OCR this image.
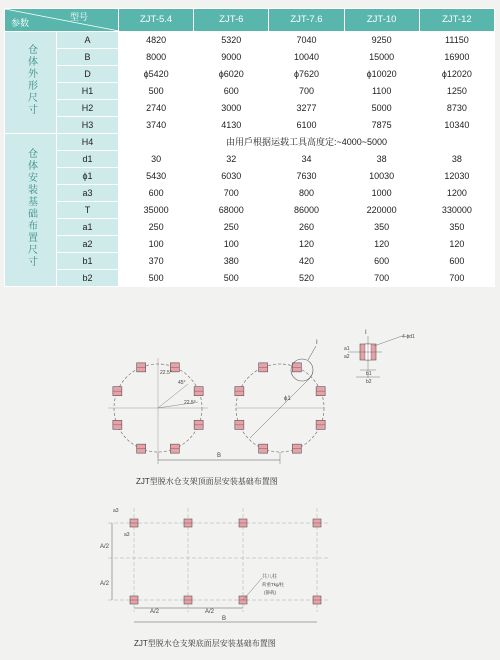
型号
参数		ZJT-5.4	ZJT-6	ZJT-7.6	ZJT-10	ZJT-12
仓体外形尺寸	A	4820	5320	7040	9250	11150
	B	8000	9000	10040	15000	16900
	D	ϕ5420	ϕ6020	ϕ7620	ϕ10020	ϕ12020
	H1	500	600	700	1100	1250
	H2	2740	3000	3277	5000	8730
	H3	3740	4130	6100	7875	10340
仓体安装基础布置尺寸	H4	由用戶根据运载工具高度定:~4000~5000				
	d1	30	32	34	38	38
	ϕ1	5430	6030	7630	10030	12030
	a3	600	700	800	1000	1200
	T	35000	68000	86000	220000	330000
	a1	250	250	260	350	350
	a2	100	100	120	120	120
	b1	370	380	420	600	600
	b2	500	500	520	700	700
22.5°
45°
22.5°
ϕ1
I
B
I
4-ϕd1
b1
b2
a1
a2
A/2
A/2
a3
a3
A/2	A/2
B
共八柱
荷重Tkg/柱
(静载)
ZJT型脱水仓支架顶面层安装基础布置图
ZJT型脱水仓支架底面层安装基础布置图
